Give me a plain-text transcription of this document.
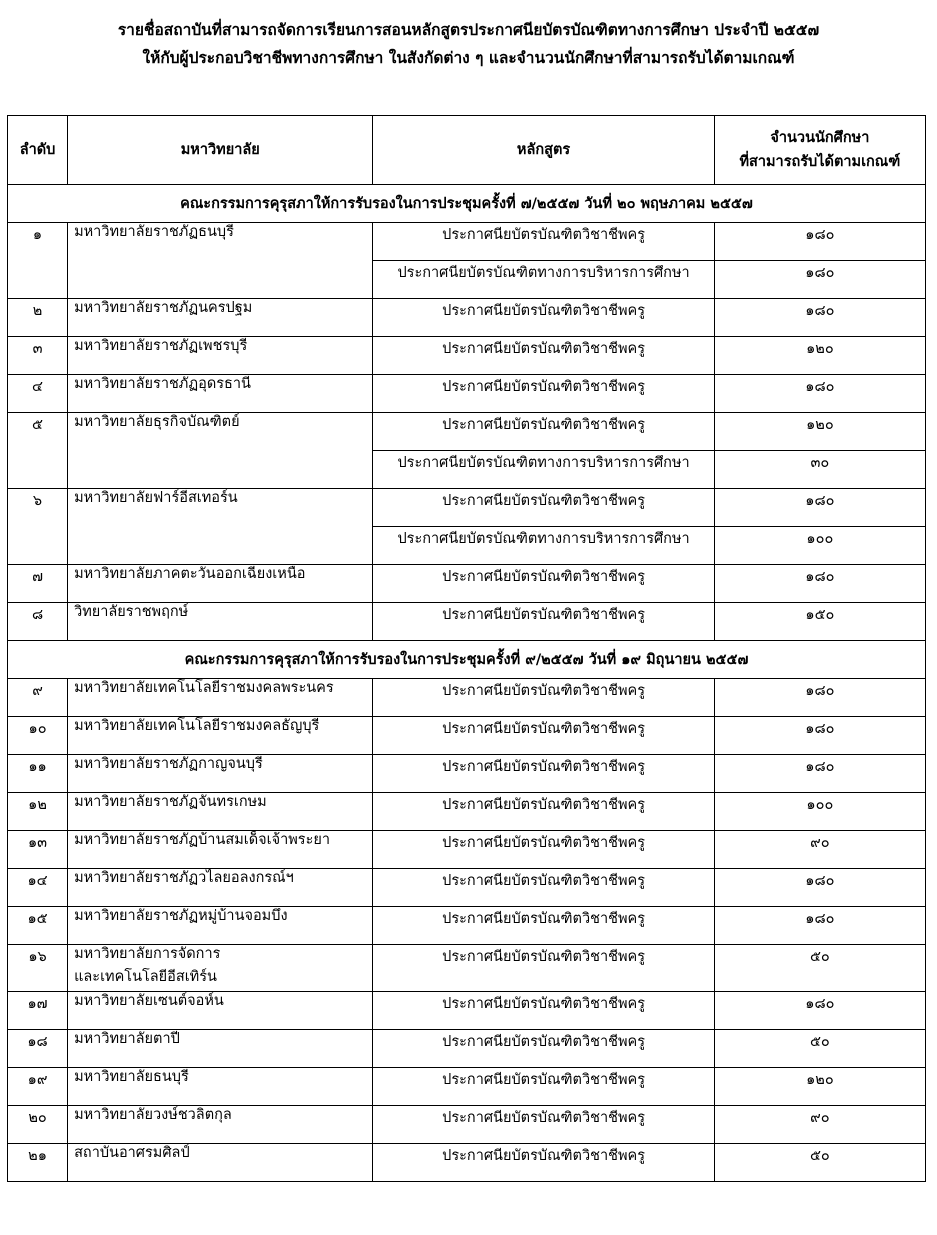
รายชื่อสถาบันที่สามารถจัดการเรียนการสอนหลักสูตรประกาศนียบัตรบัณฑิตทางการศึกษา ประจำปี ๒๕๕๗
ให้กับผู้ประกอบวิชาชีพทางการศึกษา ในสังกัดต่าง ๆ และจำนวนนักศึกษาที่สามารถรับได้ตามเกณฑ์
ลำดับ	มหาวิทยาลัย	หลักสูตร	จำนวนนักศึกษา
ที่สามารถรับได้ตามเกณฑ์
คณะกรรมการคุรุสภาให้การรับรองในการประชุมครั้งที่ ๗/๒๕๕๗ วันที่ ๒๐ พฤษภาคม ๒๕๕๗			
๑	มหาวิทยาลัยราชภัฏธนบุรี	ประกาศนียบัตรบัณฑิตวิชาชีพครู	๑๘๐
		ประกาศนียบัตรบัณฑิตทางการบริหารการศึกษา	๑๘๐
๒	มหาวิทยาลัยราชภัฏนครปฐม	ประกาศนียบัตรบัณฑิตวิชาชีพครู	๑๘๐
๓	มหาวิทยาลัยราชภัฏเพชรบุรี	ประกาศนียบัตรบัณฑิตวิชาชีพครู	๑๒๐
๔	มหาวิทยาลัยราชภัฏอุดรธานี	ประกาศนียบัตรบัณฑิตวิชาชีพครู	๑๘๐
๕	มหาวิทยาลัยธุรกิจบัณฑิตย์	ประกาศนียบัตรบัณฑิตวิชาชีพครู	๑๒๐
		ประกาศนียบัตรบัณฑิตทางการบริหารการศึกษา	๓๐
๖	มหาวิทยาลัยฟาร์อีสเทอร์น	ประกาศนียบัตรบัณฑิตวิชาชีพครู	๑๘๐
		ประกาศนียบัตรบัณฑิตทางการบริหารการศึกษา	๑๐๐
๗	มหาวิทยาลัยภาคตะวันออกเฉียงเหนือ	ประกาศนียบัตรบัณฑิตวิชาชีพครู	๑๘๐
๘	วิทยาลัยราชพฤกษ์	ประกาศนียบัตรบัณฑิตวิชาชีพครู	๑๕๐
คณะกรรมการคุรุสภาให้การรับรองในการประชุมครั้งที่ ๙/๒๕๕๗ วันที่ ๑๙ มิถุนายน ๒๕๕๗			
๙	มหาวิทยาลัยเทคโนโลยีราชมงคลพระนคร	ประกาศนียบัตรบัณฑิตวิชาชีพครู	๑๘๐
๑๐	มหาวิทยาลัยเทคโนโลยีราชมงคลธัญบุรี	ประกาศนียบัตรบัณฑิตวิชาชีพครู	๑๘๐
๑๑	มหาวิทยาลัยราชภัฏกาญจนบุรี	ประกาศนียบัตรบัณฑิตวิชาชีพครู	๑๘๐
๑๒	มหาวิทยาลัยราชภัฏจันทรเกษม	ประกาศนียบัตรบัณฑิตวิชาชีพครู	๑๐๐
๑๓	มหาวิทยาลัยราชภัฏบ้านสมเด็จเจ้าพระยา	ประกาศนียบัตรบัณฑิตวิชาชีพครู	๙๐
๑๔	มหาวิทยาลัยราชภัฏวไลยอลงกรณ์ฯ	ประกาศนียบัตรบัณฑิตวิชาชีพครู	๑๘๐
๑๕	มหาวิทยาลัยราชภัฏหมู่บ้านจอมบึง	ประกาศนียบัตรบัณฑิตวิชาชีพครู	๑๘๐
๑๖	มหาวิทยาลัยการจัดการ
และเทคโนโลยีอีสเทิร์น	ประกาศนียบัตรบัณฑิตวิชาชีพครู	๕๐
๑๗	มหาวิทยาลัยเซนต์จอห์น	ประกาศนียบัตรบัณฑิตวิชาชีพครู	๑๘๐
๑๘	มหาวิทยาลัยตาปี	ประกาศนียบัตรบัณฑิตวิชาชีพครู	๕๐
๑๙	มหาวิทยาลัยธนบุรี	ประกาศนียบัตรบัณฑิตวิชาชีพครู	๑๒๐
๒๐	มหาวิทยาลัยวงษ์ชวลิตกุล	ประกาศนียบัตรบัณฑิตวิชาชีพครู	๙๐
๒๑	สถาบันอาศรมศิลป์	ประกาศนียบัตรบัณฑิตวิชาชีพครู	๕๐
